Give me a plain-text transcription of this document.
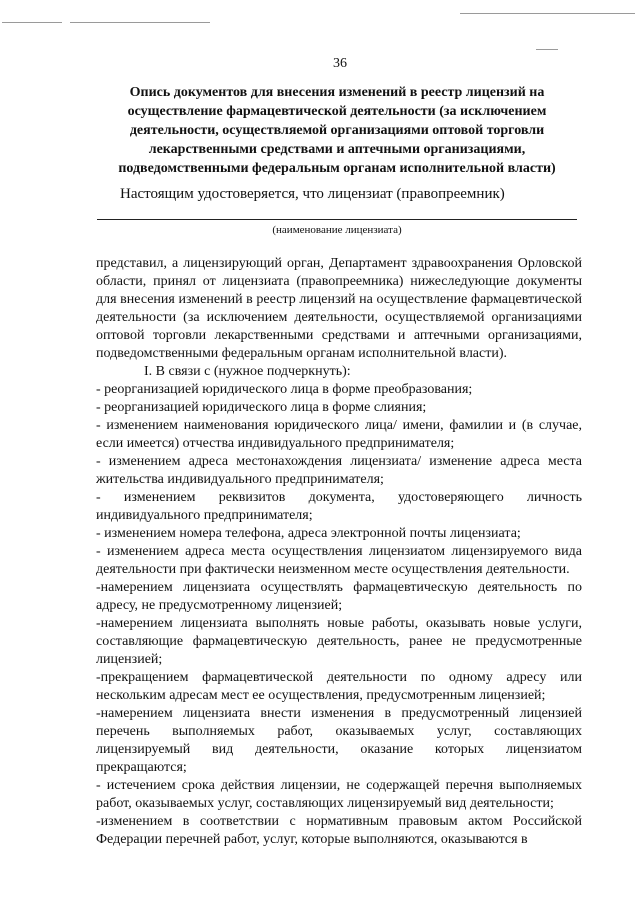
36
Опись документов для внесения изменений в реестр лицензий на осуществление фармацевтической деятельности (за исключением деятельности, осуществляемой организациями оптовой торговли лекарственными средствами и аптечными организациями, подведомственными федеральным органам исполнительной власти)
Настоящим удостоверяется, что лицензиат (правопреемник)
(наименование лицензиата)

представил, а лицензирующий орган, Департамент здравоохранения Орловской области, принял от лицензиата (правопреемника) нижеследующие документы для внесения изменений в реестр лицензий на осуществление фармацевтической деятельности (за исключением деятельности, осуществляемой организациями оптовой торговли лекарственными средствами и аптечными организациями, подведомственными федеральным органам исполнительной власти).

I. В связи с (нужное подчеркнуть):

- реорганизацией юридического лица в форме преобразования;

- реорганизацией юридического лица в форме слияния;

- изменением наименования юридического лица/ имени, фамилии и (в случае, если имеется) отчества индивидуального предпринимателя;

- изменением адреса местонахождения лицензиата/ изменение адреса места жительства индивидуального предпринимателя;

- изменением реквизитов документа, удостоверяющего личность индивидуального предпринимателя;

- изменением номера телефона, адреса электронной почты лицензиата;

- изменением адреса места осуществления лицензиатом лицензируемого вида деятельности при фактически неизменном месте осуществления деятельности.

-намерением лицензиата осуществлять фармацевтическую деятельность по адресу, не предусмотренному лицензией;

-намерением лицензиата выполнять новые работы, оказывать новые услуги, составляющие фармацевтическую деятельность, ранее не предусмотренные лицензией;

-прекращением фармацевтической деятельности по одному адресу или нескольким адресам мест ее осуществления, предусмотренным лицензией;

-намерением лицензиата внести изменения в предусмотренный лицензией перечень выполняемых работ, оказываемых услуг, составляющих лицензируемый вид деятельности, оказание которых лицензиатом прекращаются;

- истечением срока действия лицензии, не содержащей перечня выполняемых работ, оказываемых услуг, составляющих лицензируемый вид деятельности;

-изменением в соответствии с нормативным правовым актом Российской Федерации перечней работ, услуг, которые выполняются, оказываются в
